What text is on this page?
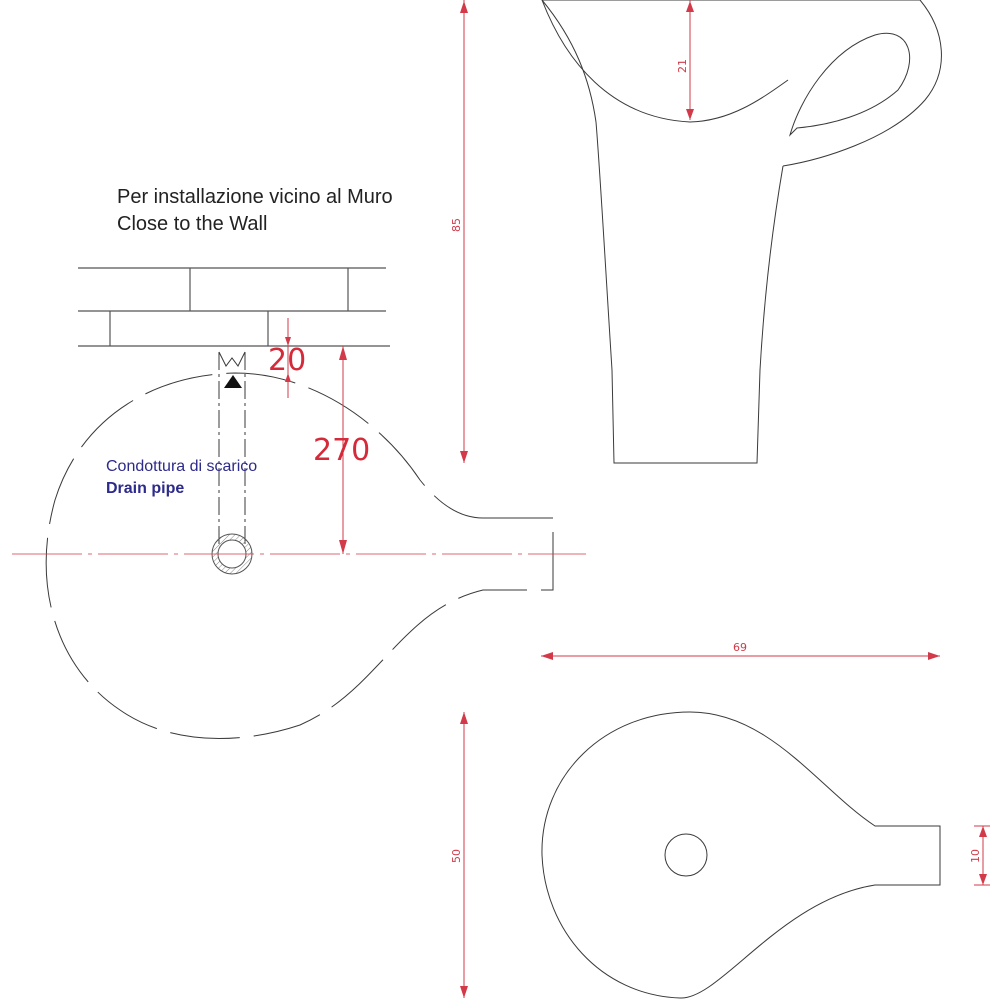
Per installazione vicino al Muro
Close to the Wall
Condottura di scarico
Drain pipe
20
270
21
85
69
50	10
